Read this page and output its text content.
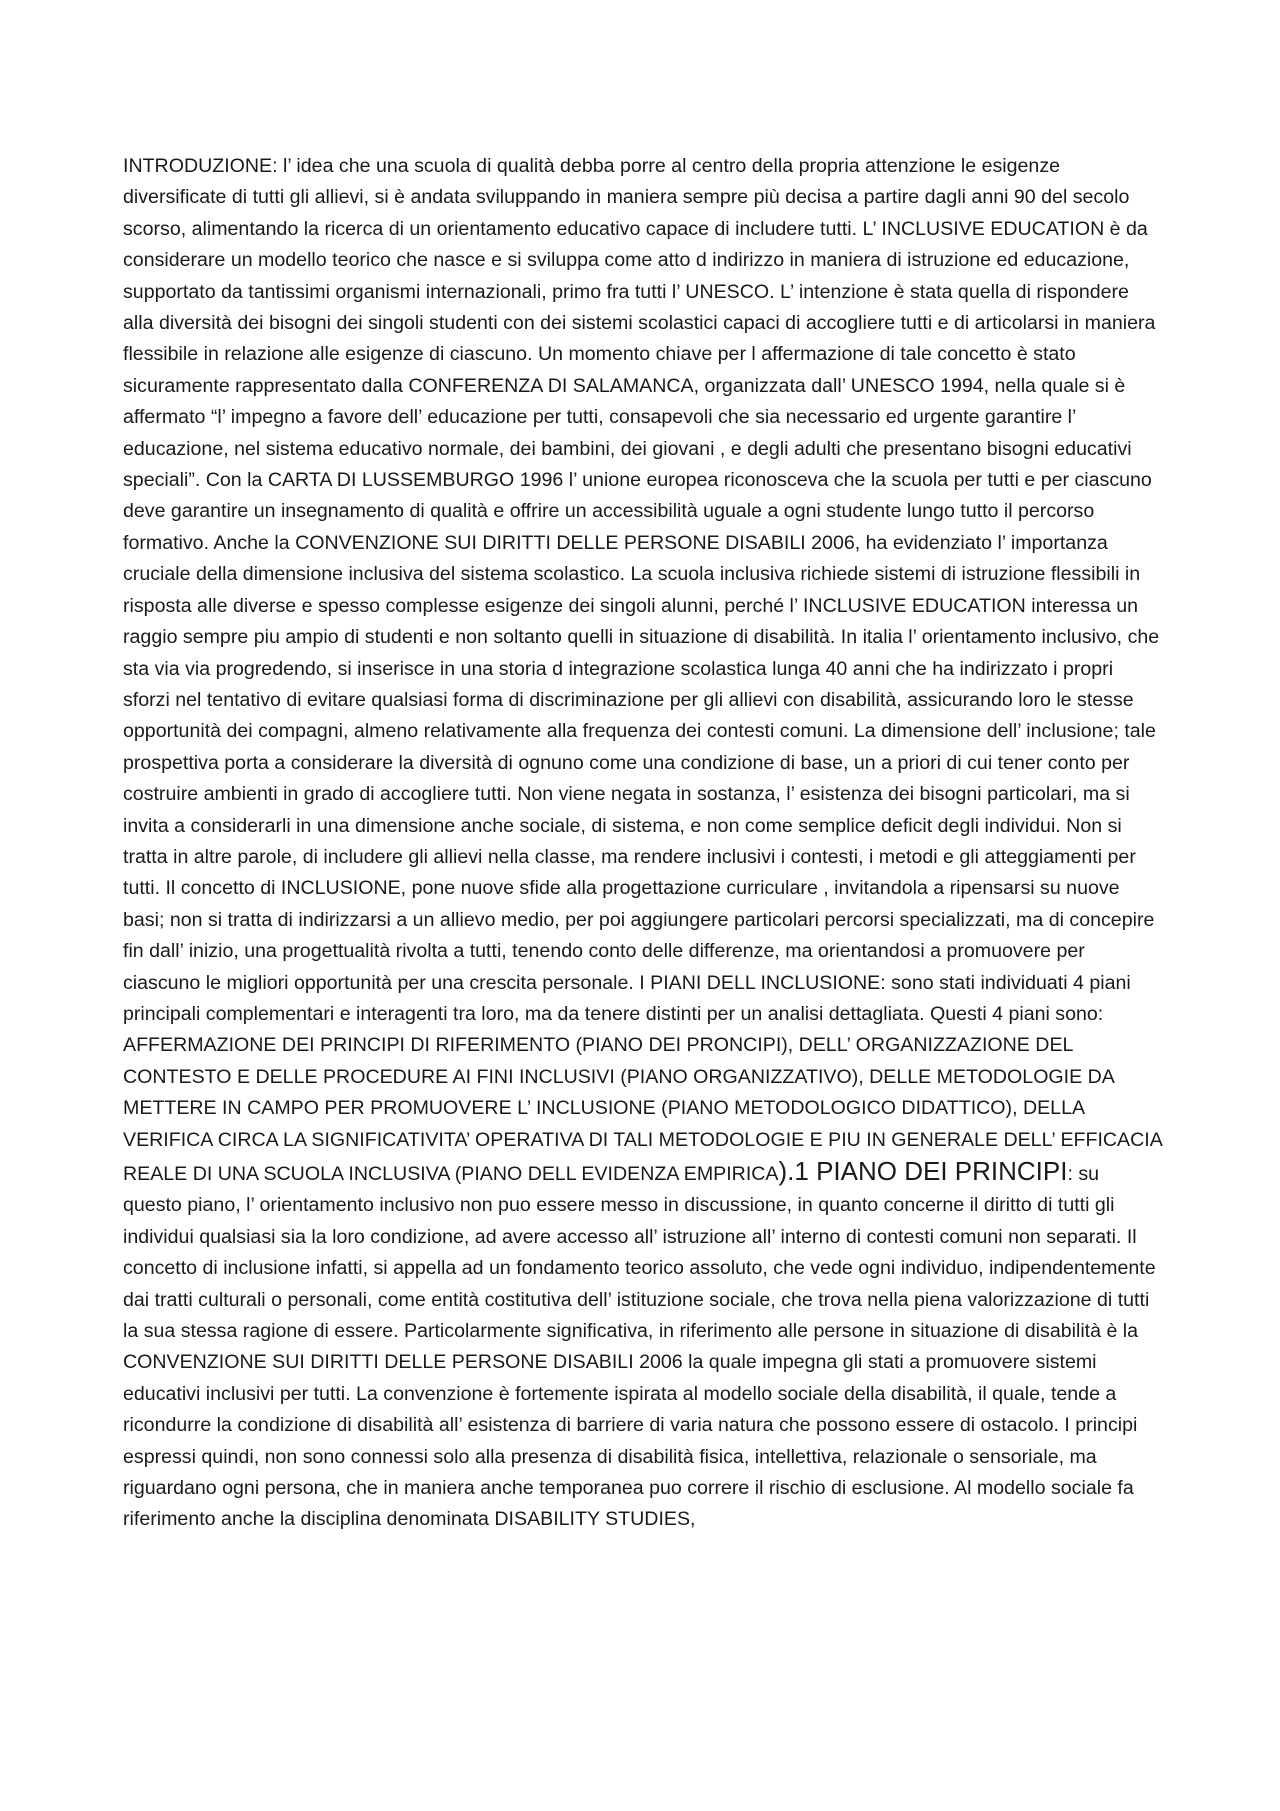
INTRODUZIONE: l’ idea che una scuola di qualità debba porre al centro della propria attenzione le esigenze diversificate di tutti gli allievi, si è andata sviluppando in maniera sempre più decisa a partire dagli anni 90 del secolo scorso, alimentando la ricerca di un orientamento educativo capace di includere tutti. L’ INCLUSIVE EDUCATION è da considerare un modello teorico che nasce e si sviluppa come atto d indirizzo in maniera di istruzione ed educazione, supportato da tantissimi organismi internazionali, primo fra tutti l’ UNESCO. L’ intenzione è stata quella di rispondere alla diversità dei bisogni dei singoli studenti con dei sistemi scolastici capaci di accogliere tutti e di articolarsi in maniera flessibile in relazione alle esigenze di ciascuno. Un momento chiave per l affermazione di tale concetto è stato sicuramente rappresentato dalla CONFERENZA DI SALAMANCA, organizzata dall’ UNESCO 1994, nella quale si è affermato “l’ impegno a favore dell’ educazione per tutti, consapevoli che sia necessario ed urgente garantire l’ educazione, nel sistema educativo normale, dei bambini, dei giovani , e degli adulti che presentano bisogni educativi speciali”. Con la CARTA DI LUSSEMBURGO 1996 l’ unione europea riconosceva che la scuola per tutti e per ciascuno deve garantire un insegnamento di qualità e offrire un accessibilità uguale a ogni studente lungo tutto il percorso formativo. Anche la CONVENZIONE SUI DIRITTI DELLE PERSONE DISABILI 2006, ha evidenziato l’ importanza cruciale della dimensione inclusiva del sistema scolastico. La scuola inclusiva richiede sistemi di istruzione flessibili in risposta alle diverse e spesso complesse esigenze dei singoli alunni, perché l’ INCLUSIVE EDUCATION interessa un raggio sempre piu ampio di studenti e non soltanto quelli in situazione di disabilità. In italia l’ orientamento inclusivo, che sta via via progredendo, si inserisce in una storia d integrazione scolastica lunga 40 anni che ha indirizzato i propri sforzi nel tentativo di evitare qualsiasi forma di discriminazione per gli allievi con disabilità, assicurando loro le stesse opportunità dei compagni, almeno relativamente alla frequenza dei contesti comuni. La dimensione dell’ inclusione; tale prospettiva porta a considerare la diversità di ognuno come una condizione di base, un a priori di cui tener conto per costruire ambienti in grado di accogliere tutti. Non viene negata in sostanza, l’ esistenza dei bisogni particolari, ma si invita a considerarli in una dimensione anche sociale, di sistema, e non come semplice deficit degli individui. Non si tratta in altre parole, di includere gli allievi nella classe, ma rendere inclusivi i contesti, i metodi e gli atteggiamenti per tutti. Il concetto di INCLUSIONE, pone nuove sfide alla progettazione curriculare , invitandola a ripensarsi su nuove basi; non si tratta di indirizzarsi a un allievo medio, per poi aggiungere particolari percorsi specializzati, ma di concepire fin dall’ inizio, una progettualità rivolta a tutti, tenendo conto delle differenze, ma orientandosi a promuovere per ciascuno le migliori opportunità per una crescita personale. I PIANI DELL INCLUSIONE: sono stati individuati 4 piani principali complementari e interagenti tra loro, ma da tenere distinti per un analisi dettagliata. Questi 4 piani sono: AFFERMAZIONE DEI PRINCIPI DI RIFERIMENTO (PIANO DEI PRONCIPI), DELL’ ORGANIZZAZIONE DEL CONTESTO E DELLE PROCEDURE AI FINI INCLUSIVI (PIANO ORGANIZZATIVO), DELLE METODOLOGIE DA METTERE IN CAMPO PER PROMUOVERE L’ INCLUSIONE (PIANO METODOLOGICO DIDATTICO), DELLA VERIFICA CIRCA LA SIGNIFICATIVITA’ OPERATIVA DI TALI METODOLOGIE E PIU IN GENERALE DELL’ EFFICACIA REALE DI UNA SCUOLA INCLUSIVA (PIANO DELL EVIDENZA EMPIRICA).1 PIANO DEI PRINCIPI: su questo piano, l’ orientamento inclusivo non puo essere messo in discussione, in quanto concerne il diritto di tutti gli individui qualsiasi sia la loro condizione, ad avere accesso all’ istruzione all’ interno di contesti comuni non separati. Il concetto di inclusione infatti, si appella ad un fondamento teorico assoluto, che vede ogni individuo, indipendentemente dai tratti culturali o personali, come entità costitutiva dell’ istituzione sociale, che trova nella piena valorizzazione di tutti la sua stessa ragione di essere. Particolarmente significativa, in riferimento alle persone in situazione di disabilità è la CONVENZIONE SUI DIRITTI DELLE PERSONE DISABILI 2006 la quale impegna gli stati a promuovere sistemi educativi inclusivi per tutti. La convenzione è fortemente ispirata al modello sociale della disabilità, il quale, tende a ricondurre la condizione di disabilità all’ esistenza di barriere di varia natura che possono essere di ostacolo. I principi espressi quindi, non sono connessi solo alla presenza di disabilità fisica, intellettiva, relazionale o sensoriale, ma riguardano ogni persona, che in maniera anche temporanea puo correre il rischio di esclusione. Al modello sociale fa riferimento anche la disciplina denominata DISABILITY STUDIES,
